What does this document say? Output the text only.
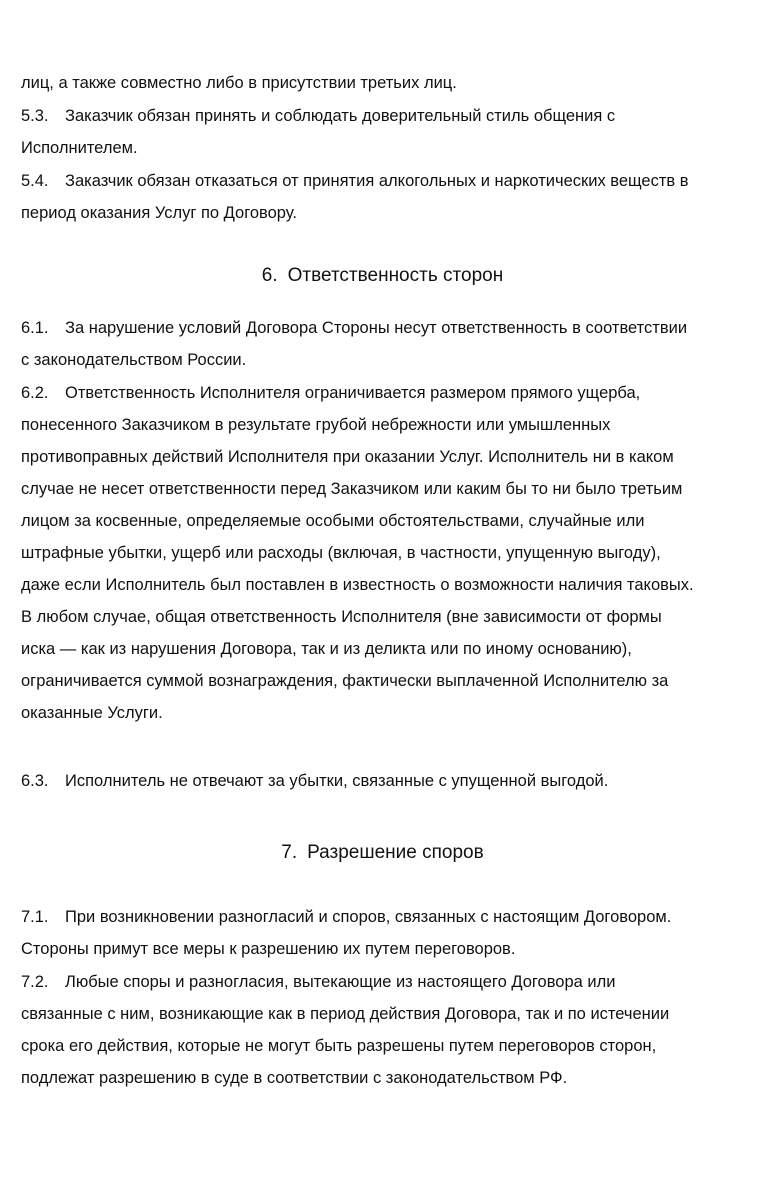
лиц, а также совместно либо в присутствии третьих лиц.
5.3. Заказчик обязан принять и соблюдать доверительный стиль общения с
Исполнителем.
5.4. Заказчик обязан отказаться от принятия алкогольных и наркотических веществ в
период оказания Услуг по Договору.
6. Ответственность сторон
6.1. За нарушение условий Договора Стороны несут ответственность в соответствии
с законодательством России.
6.2. Ответственность Исполнителя ограничивается размером прямого ущерба,
понесенного Заказчиком в результате грубой небрежности или умышленных
противоправных действий Исполнителя при оказании Услуг. Исполнитель ни в каком
случае не несет ответственности перед Заказчиком или каким бы то ни было третьим
лицом за косвенные, определяемые особыми обстоятельствами, случайные или
штрафные убытки, ущерб или расходы (включая, в частности, упущенную выгоду),
даже если Исполнитель был поставлен в известность о возможности наличия таковых.
В любом случае, общая ответственность Исполнителя (вне зависимости от формы
иска — как из нарушения Договора, так и из деликта или по иному основанию),
ограничивается суммой вознаграждения, фактически выплаченной Исполнителю за
оказанные Услуги.
6.3. Исполнитель не отвечают за убытки, связанные с упущенной выгодой.
7. Разрешение споров
7.1. При возникновении разногласий и споров, связанных с настоящим Договором.
Стороны примут все меры к разрешению их путем переговоров.
7.2. Любые споры и разногласия, вытекающие из настоящего Договора или
связанные с ним, возникающие как в период действия Договора, так и по истечении
срока его действия, которые не могут быть разрешены путем переговоров сторон,
подлежат разрешению в суде в соответствии с законодательством РФ.
